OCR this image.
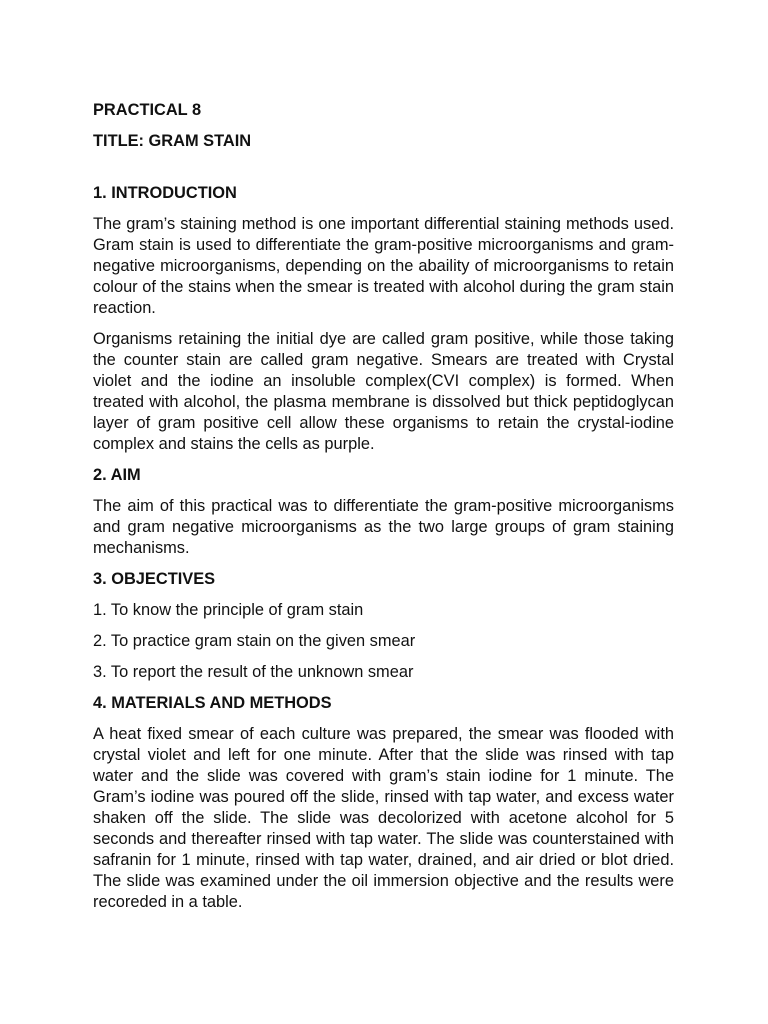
PRACTICAL 8

TITLE: GRAM STAIN

1. INTRODUCTION

The gram’s staining method is one important differential staining methods used. Gram stain is used to differentiate the gram-positive microorganisms and gram-negative microorganisms, depending on the abaility of microorganisms to retain colour of the stains when the smear is treated with alcohol during the gram stain reaction.

Organisms retaining the initial dye are called gram positive, while those taking the counter stain are called gram negative. Smears are treated with Crystal violet and the iodine an insoluble complex(CVI complex) is formed. When treated with alcohol, the plasma membrane is dissolved but thick peptidoglycan layer of gram positive cell allow these organisms to retain the crystal-iodine complex and stains the cells as purple.

2. AIM

The aim of this practical was to differentiate the gram-positive microorganisms and gram negative microorganisms as the two large groups of gram staining mechanisms.

3. OBJECTIVES

1. To know the principle of gram stain

2. To practice gram stain on the given smear

3. To report the result of the unknown smear

4. MATERIALS AND METHODS

A heat fixed smear of each culture was prepared, the smear was flooded with crystal violet and left for one minute. After that the slide was rinsed with tap water and the slide was covered with gram’s stain iodine for 1 minute. The Gram’s iodine was poured off the slide, rinsed with tap water, and excess water shaken off the slide. The slide was decolorized with acetone alcohol for 5 seconds and thereafter rinsed with tap water. The slide was counterstained with safranin for 1 minute, rinsed with tap water, drained, and air dried or blot dried. The slide was examined under the oil immersion objective and the results were recoreded in a table.
